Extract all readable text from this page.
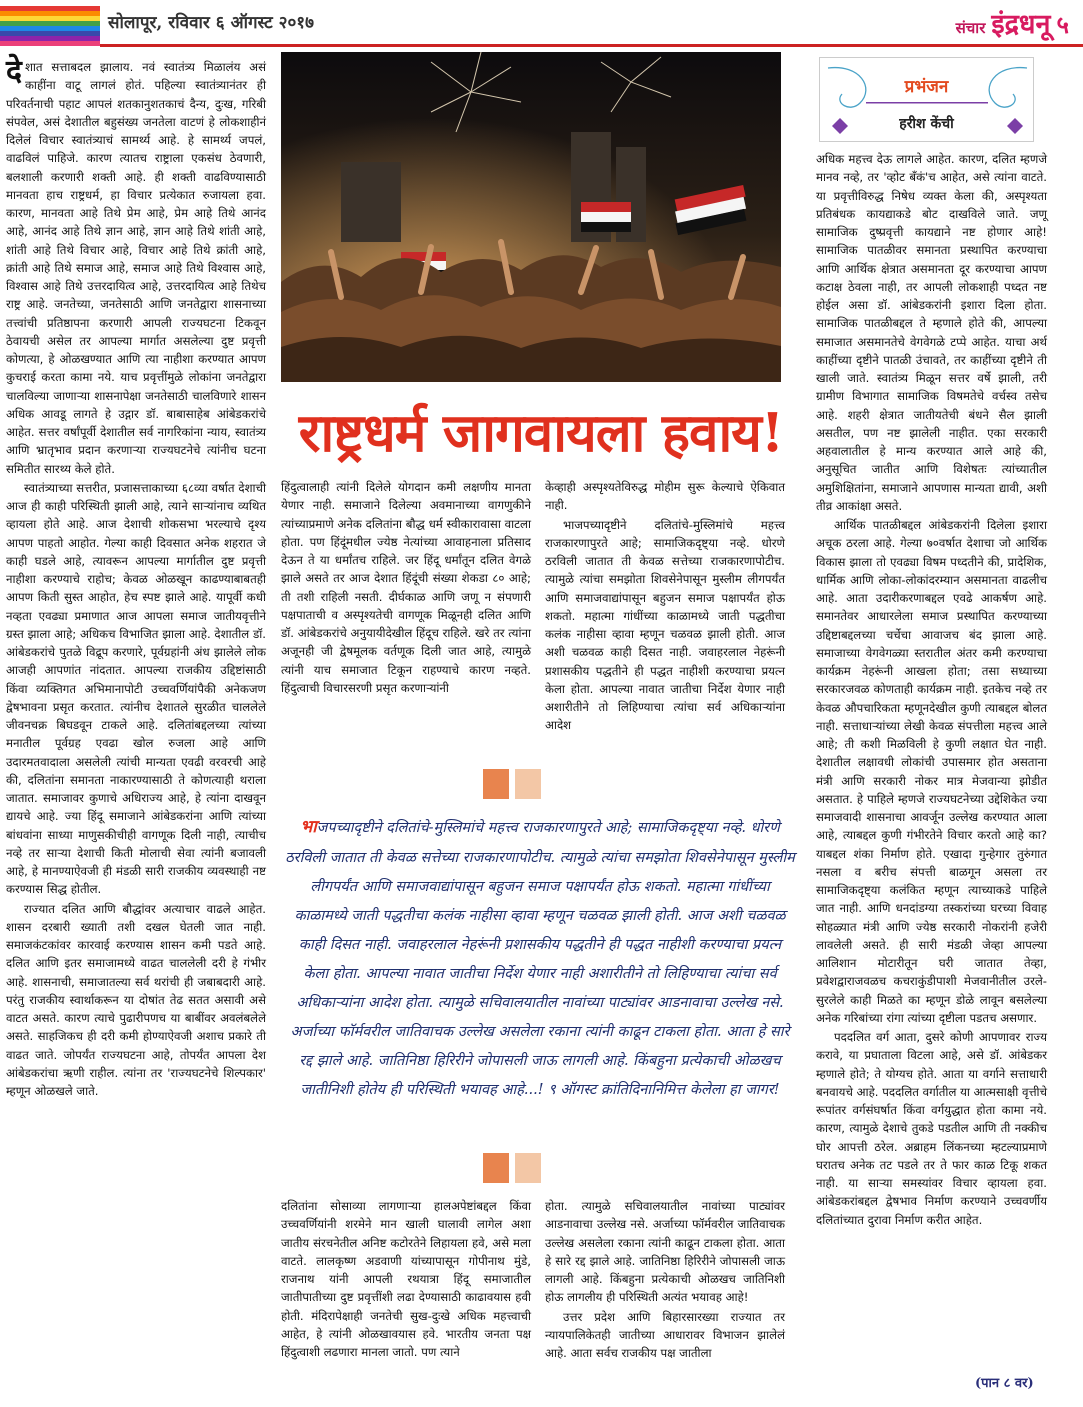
सोलापूर, रविवार ६ ऑगस्ट २०१७	संचार इंद्रधनू ५

देशात सत्ताबदल झालाय. नवं स्वातंत्र्य मिळालंय असं काहींना वाटू लागलं होतं. पहिल्या स्वातंत्र्यानंतर ही परिवर्तनाची पहाट आपलं शतकानुशतकाचं दैन्य, दुःख, गरिबी संपवेल, असं देशातील बहुसंख्य जनतेला वाटणं हे लोकशाहीनं दिलेलं विचार स्वातंत्र्याचं सामर्थ्य आहे. हे सामर्थ्य जपलं, वाढविलं पाहिजे. कारण त्यातच राष्ट्राला एकसंध ठेवणारी, बलशाली करणारी शक्ती आहे. ही शक्ती वाढविण्यासाठी मानवता हाच राष्ट्रधर्म, हा विचार प्रत्येकात रुजायला हवा. कारण, मानवता आहे तिथे प्रेम आहे, प्रेम आहे तिथे आनंद आहे, आनंद आहे तिथे ज्ञान आहे, ज्ञान आहे तिथे शांती आहे, शांती आहे तिथे विचार आहे, विचार आहे तिथे क्रांती आहे, क्रांती आहे तिथे समाज आहे, समाज आहे तिथे विश्वास आहे, विश्वास आहे तिथे उत्तरदायित्व आहे, उत्तरदायित्व आहे तिथेच राष्ट्र आहे. जनतेच्या, जनतेसाठी आणि जनतेद्वारा शासनाच्या तत्त्वांची प्रतिष्ठापना करणारी आपली राज्यघटना टिकवून ठेवायची असेल तर आपल्या मार्गात असलेल्या दुष्ट प्रवृत्ती कोणत्या, हे ओळखण्यात आणि त्या नाहीशा करण्यात आपण कुचराई करता कामा नये. याच प्रवृत्तींमुळे लोकांना जनतेद्वारा चालविल्या जाणाऱ्या शासनापेक्षा जनतेसाठी चालविणारे शासन अधिक आवडू लागते हे उद्गार डॉ. बाबासाहेब आंबेडकरांचे आहेत. सत्तर वर्षांपूर्वी देशातील सर्व नागरिकांना न्याय, स्वातंत्र्य आणि भ्रातृभाव प्रदान करणाऱ्या राज्यघटनेचे त्यांनीच घटना समितीत सारथ्य केले होते.

स्वातंत्र्याच्या सत्तरीत, प्रजासत्ताकाच्या ६८व्या वर्षात देशाची आज ही काही परिस्थिती झाली आहे, त्याने साऱ्यांनाच व्यथित व्हायला होते आहे. आज देशाची शोकसभा भरल्याचे दृश्य आपण पाहतो आहोत. गेल्या काही दिवसात अनेक शहरात जे काही घडले आहे, त्यावरून आपल्या मार्गातील दुष्ट प्रवृत्ती नाहीशा करण्याचे राहोच; केवळ ओळखून काढण्याबाबतही आपण किती सुस्त आहोत, हेच स्पष्ट झाले आहे. यापूर्वी कधी नव्हता एवढ्या प्रमाणात आज आपला समाज जातीयवृत्तीने ग्रस्त झाला आहे; अधिकच विभाजित झाला आहे. देशातील डॉ. आंबेडकरांचे पुतळे विद्रूप करणारे, पूर्वग्रहांनी अंध झालेले लोक आजही आपणांत नांदतात. आपल्या राजकीय उद्दिष्टांसाठी किंवा व्यक्तिगत अभिमानापोटी उच्चवर्णियांपैकी अनेकजण द्वेषभावना प्रसृत करतात. त्यांनीच देशातले सुरळीत चाललेले जीवनचक्र बिघडवून टाकले आहे. दलितांबद्दलच्या त्यांच्या मनातील पूर्वग्रह एवढा खोल रुजला आहे आणि उदारमतवादाला असलेली त्यांची मान्यता एवढी वरवरची आहे की, दलितांना समानता नाकारण्यासाठी ते कोणत्याही थराला जातात. समाजावर कुणाचे अधिराज्य आहे, हे त्यांना दाखवून द्यायचे आहे. ज्या हिंदू समाजाने आंबेडकरांना आणि त्यांच्या बांधवांना साध्या माणुसकीचीही वागणूक दिली नाही, त्याचीच नव्हे तर साऱ्या देशाची किती मोलाची सेवा त्यांनी बजावली आहे, हे मानण्याऐवजी ही मंडळी सारी राजकीय व्यवस्थाही नष्ट करण्यास सिद्ध होतील.

राज्यात दलित आणि बौद्धांवर अत्याचार वाढले आहेत. शासन दरबारी ख्याती तशी दखल घेतली जात नाही. समाजकंटकांवर कारवाई करण्यास शासन कमी पडते आहे. दलित आणि इतर समाजामध्ये वाढत चाललेली दरी हे गंभीर आहे. शासनाची, समाजातल्या सर्व थरांची ही जबाबदारी आहे. परंतु राजकीय स्वार्थाकरून या दोषांत तेढ सतत असावी असे वाटत असते. कारण त्याचे पुढारीपणच या बाबींवर अवलंबलेले असते. साहजिकच ही दरी कमी होण्याऐवजी अशाच प्रकारे ती वाढत जाते. जोपर्यंत राज्यघटना आहे, तोपर्यंत आपला देश आंबेडकरांचा ऋणी राहील. त्यांना तर 'राज्यघटनेचे शिल्पकार' म्हणून ओळखले जाते.

राष्ट्रधर्म जागवायला हवाय!
प्रभंजन
हरीश केंची

अधिक महत्त्व देऊ लागले आहेत. कारण, दलित म्हणजे मानव नव्हे, तर 'व्होट बँकं'च आहेत, असे त्यांना वाटते. या प्रवृत्तीविरुद्ध निषेध व्यक्त केला की, अस्पृश्यता प्रतिबंधक कायद्याकडे बोट दाखविले जाते. जणू सामाजिक दुष्प्रवृत्ती कायद्याने नष्ट होणार आहे! सामाजिक पातळीवर समानता प्रस्थापित करण्याचा आणि आर्थिक क्षेत्रात असमानता दूर करण्याचा आपण कटाक्ष ठेवला नाही, तर आपली लोकशाही पध्दत नष्ट होईल असा डॉ. आंबेडकरांनी इशारा दिला होता. सामाजिक पातळीबद्दल ते म्हणाले होते की, आपल्या समाजात असमानतेचे वेगवेगळे टप्पे आहेत. याचा अर्थ काहींच्या दृष्टीने पातळी उंचावते, तर काहींच्या दृष्टीने ती खाली जाते. स्वातंत्र्य मिळून सत्तर वर्षे झाली, तरी ग्रामीण विभागात सामाजिक विषमतेचे वर्चस्व तसेच आहे. शहरी क्षेत्रात जातीयतेची बंधने सैल झाली असतील, पण नष्ट झालेली नाहीत. एका सरकारी अहवालातील हे मान्य करण्यात आले आहे की, अनुसूचित जातीत आणि विशेषतः त्यांच्यातील अमुशिक्षितांना, समाजाने आपणास मान्यता द्यावी, अशी तीव्र आकांक्षा असते.

आर्थिक पातळीबद्दल आंबेडकरांनी दिलेला इशारा अचूक ठरला आहे. गेल्या ७०वर्षात देशाचा जो आर्थिक विकास झाला तो एवढ्या विषम पध्दतीने की, प्रादेशिक, धार्मिक आणि लोका-लोकांदरम्यान असमानता वाढलीच आहे. आता उदारीकरणाबद्दल एवढे आकर्षण आहे. समानतेवर आधारलेला समाज प्रस्थापित करण्याच्या उद्दिष्टाबद्दलच्या चर्चेचा आवाजच बंद झाला आहे. समाजाच्या वेगवेगळ्या स्तरातील अंतर कमी करण्याचा कार्यक्रम नेहरूंनी आखला होता; तसा सध्याच्या सरकारजवळ कोणताही कार्यक्रम नाही. इतकेच नव्हे तर केवळ औपचारिकता म्हणूनदेखील कुणी त्याबद्दल बोलत नाही. सत्ताधाऱ्यांच्या लेखी केवळ संपत्तीला महत्त्व आले आहे; ती कशी मिळविली हे कुणी लक्षात घेत नाही. देशातील लक्षावधी लोकांची उपासमार होत असताना मंत्री आणि सरकारी नोकर मात्र मेजवान्या झोडीत असतात. हे पाहिले म्हणजे राज्यघटनेच्या उद्देशिकेत ज्या समाजवादी शासनाचा आवर्जून उल्लेख करण्यात आला आहे, त्याबद्दल कुणी गंभीरतेने विचार करतो आहे का? याबद्दल शंका निर्माण होते. एखादा गुन्हेगार तुरुंगात नसला व बरीच संपत्ती बाळगून असला तर सामाजिकदृष्ट्या कलंकित म्हणून त्याच्याकडे पाहिले जात नाही. आणि धनदांडग्या तस्करांच्या घरच्या विवाह सोहळ्यात मंत्री आणि ज्येष्ठ सरकारी नोकरांनी हजेरी लावलेली असते. ही सारी मंडळी जेव्हा आपल्या आलिशान मोटारीतून घरी जातात तेव्हा, प्रवेशद्वाराजवळच कचराकुंडीपाशी मेजवानीतील उरले-सुरलेले काही मिळते का म्हणून डोळे लावून बसलेल्या अनेक गरिबांच्या रांगा त्यांच्या दृष्टीला पडतच असणार.

पददलित वर्ग आता, दुसरे कोणी आपणावर राज्य करावे, या प्रघाताला विटला आहे, असे डॉ. आंबेडकर म्हणाले होते; ते योग्यच होते. आता या वर्गाने सत्ताधारी बनवायचे आहे. पददलित वर्गातील या आत्मसाक्षी वृत्तीचे रूपांतर वर्गसंघर्षात किंवा वर्गयुद्धात होता कामा नये. कारण, त्यामुळे देशाचे तुकडे पडतील आणि ती नक्कीच घोर आपत्ती ठरेल. अब्राहम लिंकनच्या म्हटल्याप्रमाणे घरातच अनेक तट पडले तर ते फार काळ टिकू शकत नाही. या साऱ्या समस्यांवर विचार व्हायला हवा. आंबेडकरांबद्दल द्वेषभाव निर्माण करण्याने उच्चवर्णीय दलितांच्यात दुरावा निर्माण करीत आहेत.

हिंदुत्वालाही त्यांनी दिलेले योगदान कमी लक्षणीय मानता येणार नाही. समाजाने दिलेल्या अवमानाच्या वागणुकीने त्यांच्याप्रमाणे अनेक दलितांना बौद्ध धर्म स्वीकारावासा वाटला होता. पण हिंदूंमधील ज्येष्ठ नेत्यांच्या आवाहनाला प्रतिसाद देऊन ते या धर्मांतच राहिले. जर हिंदू धर्मांतून दलित वेगळे झाले असते तर आज देशात हिंदूंची संख्या शेकडा ८० आहे; ती तशी राहिली नसती. दीर्घकाळ आणि जणू न संपणारी पक्षपाताची व अस्पृश्यतेची वागणूक मिळूनही दलित आणि डॉ. आंबेडकरांचे अनुयायीदेखील हिंदूच राहिले. खरे तर त्यांना अजूनही जी द्वेषमूलक वर्तणूक दिली जात आहे, त्यामुळे त्यांनी याच समाजात टिकून राहण्याचे कारण नव्हते. हिंदुत्वाची विचारसरणी प्रसृत करणाऱ्यांनी

केव्हाही अस्पृश्यतेविरुद्ध मोहीम सुरू केल्याचे ऐकिवात नाही.

भाजपच्यादृष्टीने दलितांचे-मुस्लिमांचे महत्त्व राजकारणापुरते आहे; सामाजिकदृष्ट्या नव्हे. धोरणे ठरविली जातात ती केवळ सत्तेच्या राजकारणापोटीच. त्यामुळे त्यांचा समझोता शिवसेनेपासून मुस्लीम लीगपर्यंत आणि समाजवाद्यांपासून बहुजन समाज पक्षापर्यंत होऊ शकतो. महात्मा गांधींच्या काळामध्ये जाती पद्धतीचा कलंक नाहीसा व्हावा म्हणून चळवळ झाली होती. आज अशी चळवळ काही दिसत नाही. जवाहरलाल नेहरूंनी प्रशासकीय पद्धतीने ही पद्धत नाहीशी करण्याचा प्रयत्न केला होता. आपल्या नावात जातीचा निर्देश येणार नाही अशारीतीने तो लिहिण्याचा त्यांचा सर्व अधिकाऱ्यांना आदेश

भाजपच्यादृष्टीने दलितांचे-मुस्लिमांचे महत्त्व राजकारणापुरते आहे; सामाजिकदृष्ट्या नव्हे. धोरणे ठरविली जातात ती केवळ सत्तेच्या राजकारणापोटीच. त्यामुळे त्यांचा समझोता शिवसेनेपासून मुस्लीम लीगपर्यंत आणि समाजवाद्यांपासून बहुजन समाज पक्षापर्यंत होऊ शकतो. महात्मा गांधींच्या काळामध्ये जाती पद्धतीचा कलंक नाहीसा व्हावा म्हणून चळवळ झाली होती. आज अशी चळवळ काही दिसत नाही. जवाहरलाल नेहरूंनी प्रशासकीय पद्धतीने ही पद्धत नाहीशी करण्याचा प्रयत्न केला होता. आपल्या नावात जातीचा निर्देश येणार नाही अशारीतीने तो लिहिण्याचा त्यांचा सर्व अधिकाऱ्यांना आदेश होता. त्यामुळे सचिवालयातील नावांच्या पाट्यांवर आडनावाचा उल्लेख नसे. अर्जाच्या फॉर्मवरील जातिवाचक उल्लेख असलेला रकाना त्यांनी काढून टाकला होता. आता हे सारे रद्द झाले आहे. जातिनिष्ठा हिरिरीने जोपासली जाऊ लागली आहे. किंबहुना प्रत्येकाची ओळखच जातीनिशी होतेय ही परिस्थिती भयावह आहे...! ९ ऑगस्ट क्रांतिदिनानिमित्त केलेला हा जागर!

दलितांना सोसाव्या लागणाऱ्या हालअपेष्टांबद्दल किंवा उच्चवर्णियांनी शरमेने मान खाली घालावी लागेल अशा जातीय संरचनेतील अनिष्ट कटोरतेने लिहायला हवे, असे मला वाटते. लालकृष्ण अडवाणी यांच्यापासून गोपीनाथ मुंडे, राजनाथ यांनी आपली रथयात्रा हिंदू समाजातील जातीपातीच्या दुष्ट प्रवृत्तींशी लढा देण्यासाठी काढावयास हवी होती. मंदिरापेक्षाही जनतेची सुख-दुःखे अधिक महत्त्वाची आहेत, हे त्यांनी ओळखावयास हवे. भारतीय जनता पक्ष हिंदुत्वाशी लढणारा मानला जातो. पण त्याने

होता. त्यामुळे सचिवालयातील नावांच्या पाट्यांवर आडनावाचा उल्लेख नसे. अर्जाच्या फॉर्मवरील जातिवाचक उल्लेख असलेला रकाना त्यांनी काढून टाकला होता. आता हे सारे रद्द झाले आहे. जातिनिष्ठा हिरिरीने जोपासली जाऊ लागली आहे. किंबहुना प्रत्येकाची ओळखच जातिनिशी होऊ लागलीय ही परिस्थिती अत्यंत भयावह आहे!

उत्तर प्रदेश आणि बिहारसारख्या राज्यात तर न्यायपालिकेतही जातीच्या आधारावर विभाजन झालेलं आहे. आता सर्वच राजकीय पक्ष जातीला

(पान ८ वर)
